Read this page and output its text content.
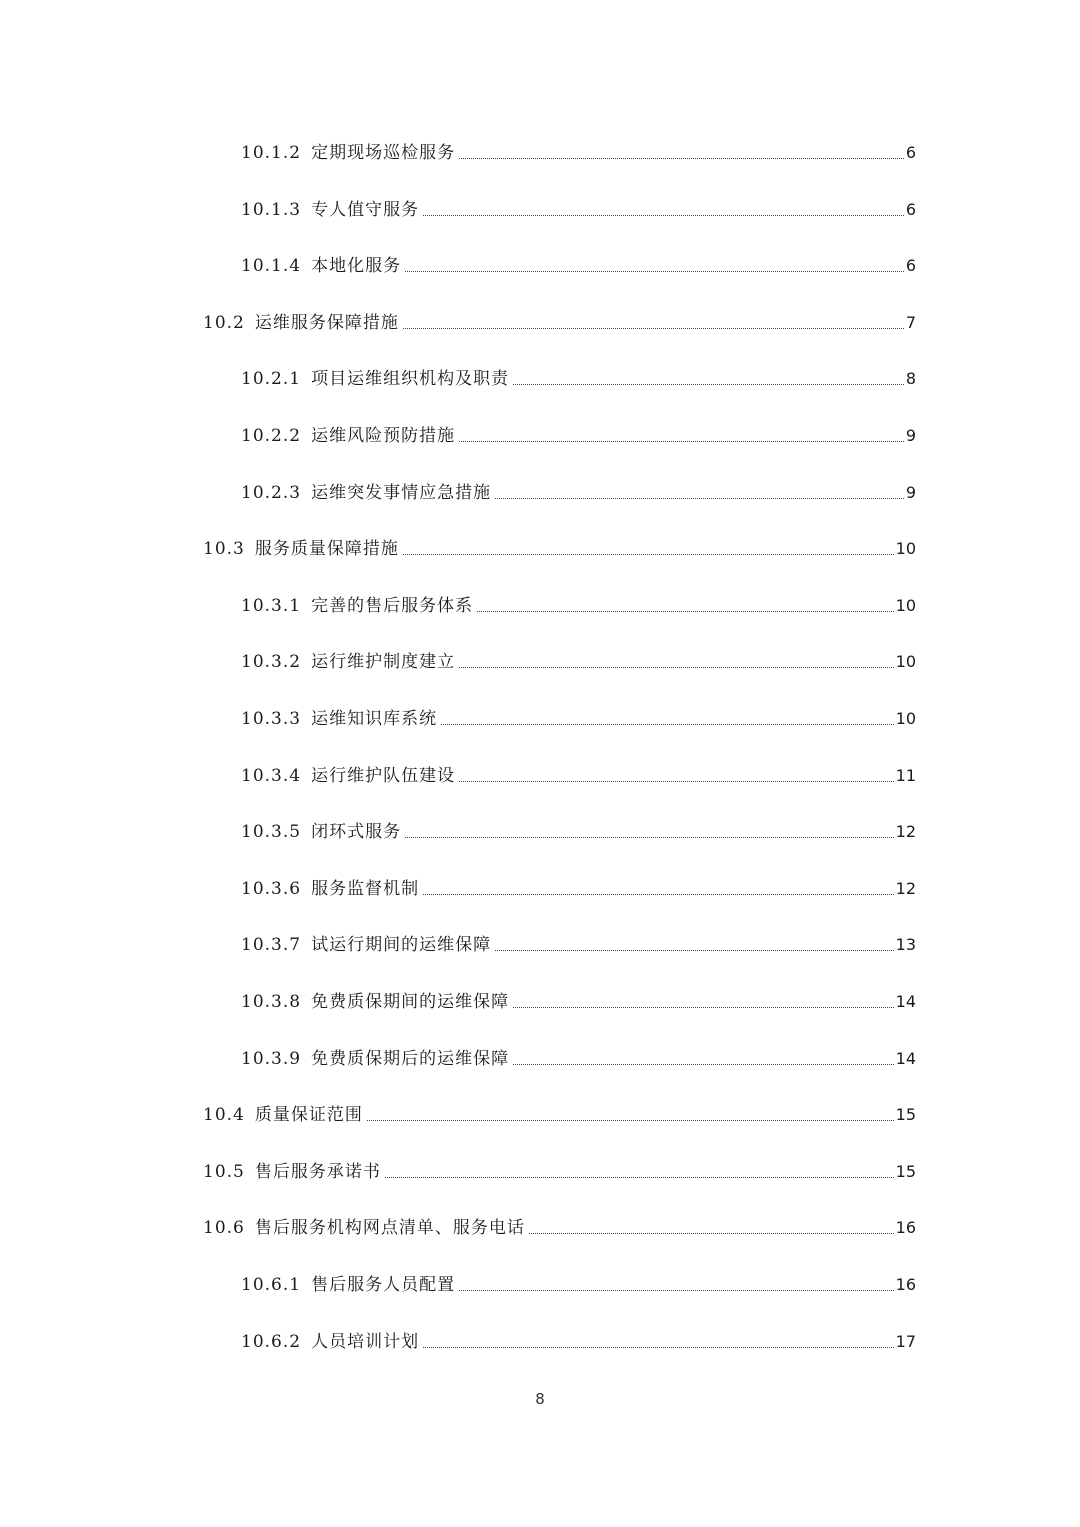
10.1.2 定期现场巡检服务	6
10.1.3 专人值守服务	6
10.1.4 本地化服务	6
10.2 运维服务保障措施	7
10.2.1 项目运维组织机构及职责	8
10.2.2 运维风险预防措施	9
10.2.3 运维突发事情应急措施	9
10.3 服务质量保障措施	10
10.3.1 完善的售后服务体系	10
10.3.2 运行维护制度建立	10
10.3.3 运维知识库系统	10
10.3.4 运行维护队伍建设	11
10.3.5 闭环式服务	12
10.3.6 服务监督机制	12
10.3.7 试运行期间的运维保障	13
10.3.8 免费质保期间的运维保障	14
10.3.9 免费质保期后的运维保障	14
10.4 质量保证范围	15
10.5 售后服务承诺书	15
10.6 售后服务机构网点清单、服务电话	16
10.6.1 售后服务人员配置	16
10.6.2 人员培训计划	17
8
